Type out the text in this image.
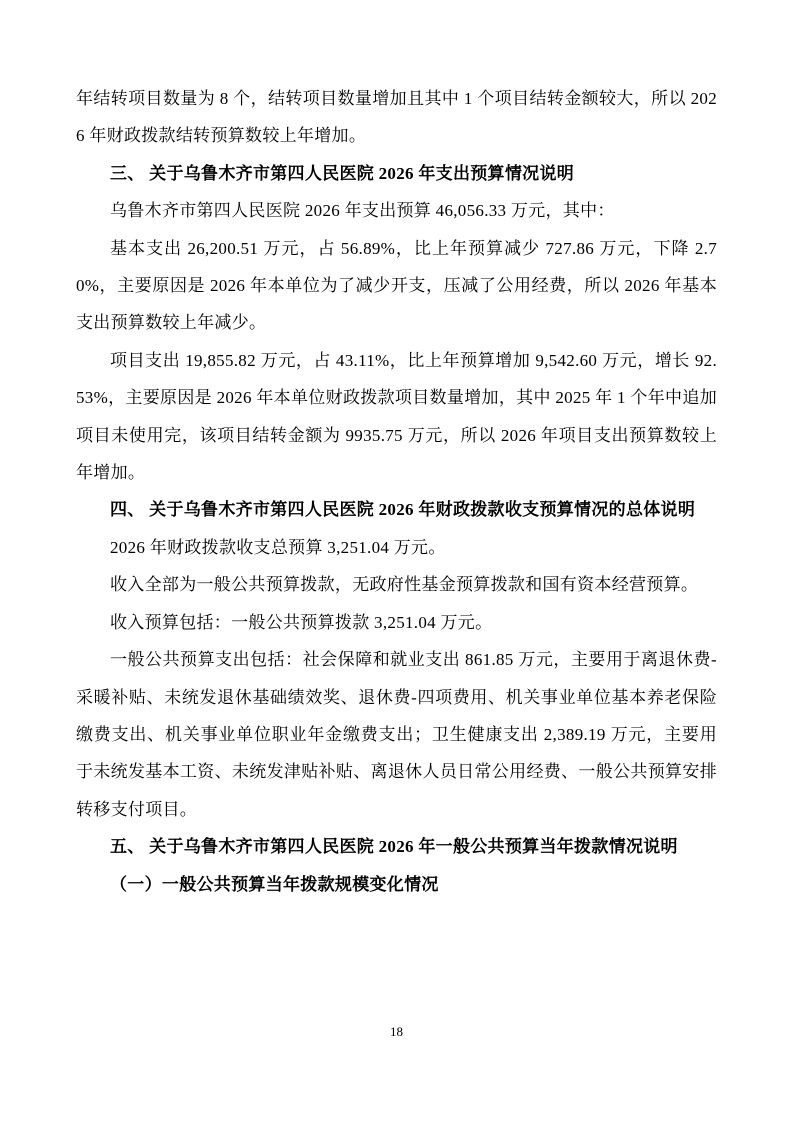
年结转项目数量为 8 个，结转项目数量增加且其中 1 个项目结转金额较大，所以 2026 年财政拨款结转预算数较上年增加。

三、 关于乌鲁木齐市第四人民医院 2026 年支出预算情况说明

乌鲁木齐市第四人民医院 2026 年支出预算 46,056.33 万元，其中：

基本支出 26,200.51 万元，占 56.89%，比上年预算减少 727.86 万元，下降 2.70%，主要原因是 2026 年本单位为了减少开支，压减了公用经费，所以 2026 年基本支出预算数较上年减少。

项目支出 19,855.82 万元，占 43.11%，比上年预算增加 9,542.60 万元，增长 92.53%，主要原因是 2026 年本单位财政拨款项目数量增加，其中 2025 年 1 个年中追加项目未使用完，该项目结转金额为 9935.75 万元，所以 2026 年项目支出预算数较上年增加。

四、 关于乌鲁木齐市第四人民医院 2026 年财政拨款收支预算情况的总体说明

2026 年财政拨款收支总预算 3,251.04 万元。

收入全部为一般公共预算拨款，无政府性基金预算拨款和国有资本经营预算。

收入预算包括：一般公共预算拨款 3,251.04 万元。

一般公共预算支出包括：社会保障和就业支出 861.85 万元，主要用于离退休费-采暖补贴、未统发退休基础绩效奖、退休费-四项费用、机关事业单位基本养老保险缴费支出、机关事业单位职业年金缴费支出；卫生健康支出 2,389.19 万元，主要用于未统发基本工资、未统发津贴补贴、离退休人员日常公用经费、一般公共预算安排转移支付项目。

五、 关于乌鲁木齐市第四人民医院 2026 年一般公共预算当年拨款情况说明

（一）一般公共预算当年拨款规模变化情况

18
